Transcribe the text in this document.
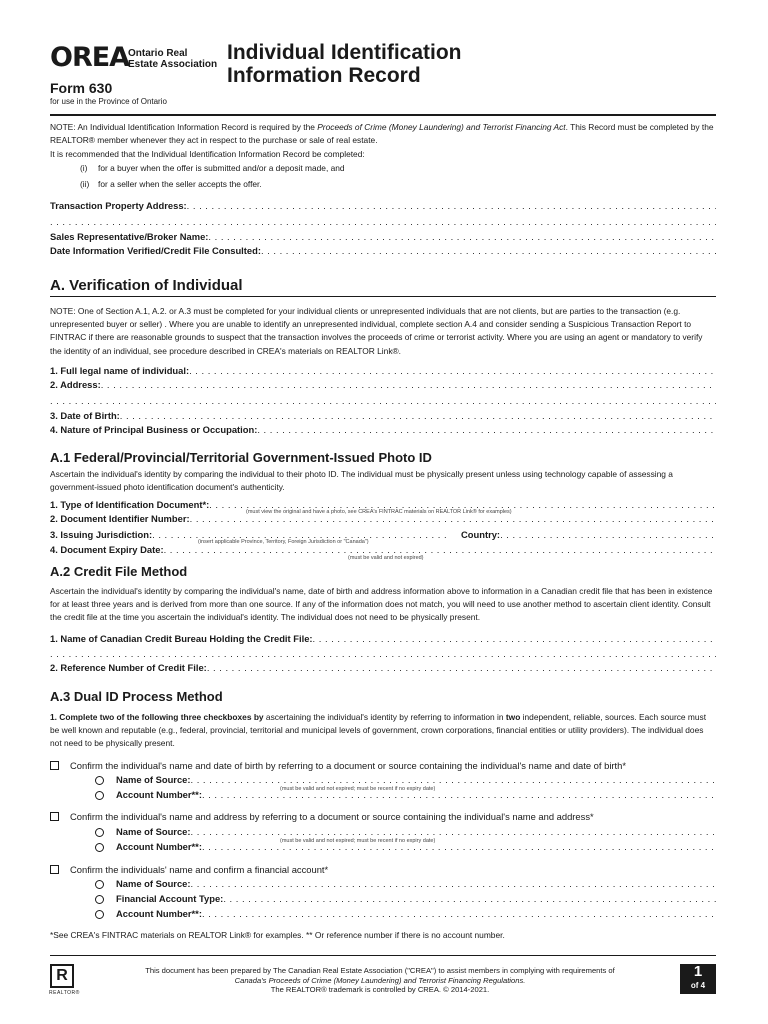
OREA
Ontario Real Estate Association
Individual Identification Information Record
Form 630
for use in the Province of Ontario
NOTE: An Individual Identification Information Record is required by the Proceeds of Crime (Money Laundering) and Terrorist Financing Act. This Record must be completed by the REALTOR® member whenever they act in respect to the purchase or sale of real estate.
It is recommended that the Individual Identification Information Record be completed:
(i) for a buyer when the offer is submitted and/or a deposit made, and
(ii) for a seller when the seller accepts the offer.
Transaction Property Address:
. . .
. . .
Sales Representative/Broker Name:
. . .
Date Information Verified/Credit File Consulted:
. . .
A. Verification of Individual
NOTE: One of Section A.1, A.2. or A.3 must be completed for your individual clients or unrepresented individuals that are not clients, but are parties to the transaction (e.g. unrepresented buyer or seller) . Where you are unable to identify an unrepresented individual, complete section A.4 and consider sending a Suspicious Transaction Report to FINTRAC if there are reasonable grounds to suspect that the transaction involves the proceeds of crime or terrorist activity. Where you are using an agent or mandatory to verify the identity of an individual, see procedure described in CREA's materials on REALTOR Link®.
1. Full legal name of individual:
. . .
2. Address:
. . .
. . .
3. Date of Birth:
. . .
4. Nature of Principal Business or Occupation:
. . .
A.1 Federal/Provincial/Territorial Government-Issued Photo ID
Ascertain the individual's identity by comparing the individual to their photo ID. The individual must be physically present unless using technology capable of assessing a government-issued photo identification document's authenticity.
1. Type of Identification Document*:
. . .
(must view the original and have a photo, see CREA's FINTRAC materials on REALTOR Link® for examples)
2. Document Identifier Number:
. . .
3. Issuing Jurisdiction: . . .	Country:
. . .
(insert applicable Province, Territory, Foreign Jurisdiction or "Canada")
4. Document Expiry Date:
. . .
(must be valid and not expired)
A.2 Credit File Method
Ascertain the individual's identity by comparing the individual's name, date of birth and address information above to information in a Canadian credit file that has been in existence for at least three years and is derived from more than one source. If any of the information does not match, you will need to use another method to ascertain client identity. Consult the credit file at the time you ascertain the individual's identity. The individual does not need to be physically present.
1. Name of Canadian Credit Bureau Holding the Credit File:
. . .
. . .
2. Reference Number of Credit File:
. . .
A.3 Dual ID Process Method
1. Complete two of the following three checkboxes by ascertaining the individual's identity by referring to information in two independent, reliable, sources. Each source must be well known and reputable (e.g., federal, provincial, territorial and municipal levels of government, crown corporations, financial entities or utility providers). The individual does not need to be physically present.
Confirm the individual's name and date of birth by referring to a document or source containing the individual's name and date of birth*
Name of Source:
. . .
Account Number**: . . .	(must be valid and not expired; must be recent if no expiry date)
Confirm the individual's name and address by referring to a document or source containing the individual's name and address*
Name of Source:
. . .
Account Number**: . . .	(must be valid and not expired; must be recent if no expiry date)
Confirm the individuals' name and confirm a financial account*
Name of Source:
. . .
Financial Account Type:
. . .
Account Number**:
. . .
*See CREA's FINTRAC materials on REALTOR Link® for examples. ** Or reference number if there is no account number.
R
REALTOR®
This document has been prepared by The Canadian Real Estate Association ("CREA") to assist members in complying with requirements of
Canada's Proceeds of Crime (Money Laundering) and Terrorist Financing Regulations.
The REALTOR® trademark is controlled by CREA. © 2014-2021.
1
of 4
